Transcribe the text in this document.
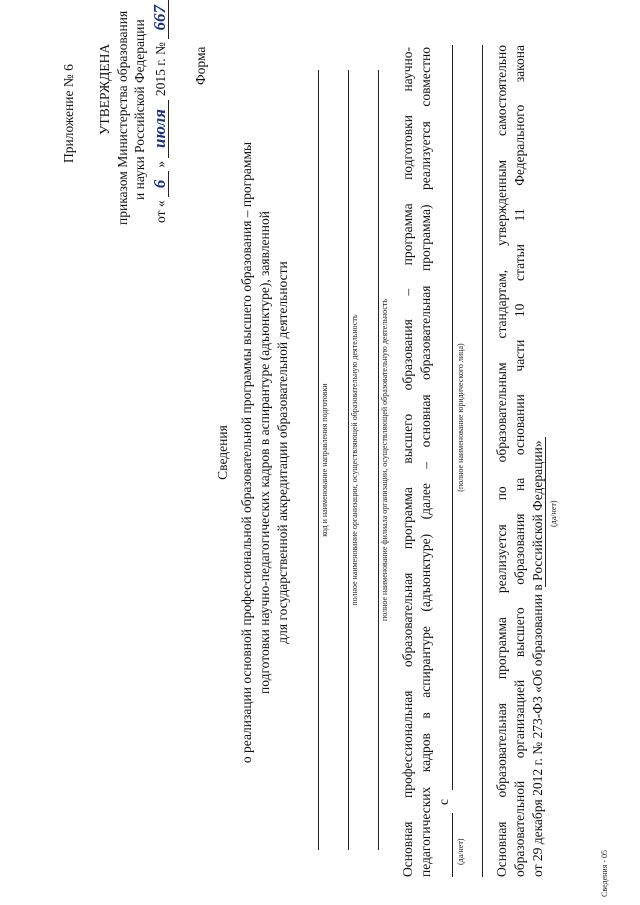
Приложение № 6 УТВЕРЖДЕНА приказом Министерства образования и науки Российской Федерации
от « 6 » июля 2015 г. № 667
Форма
Сведения о реализации основной профессиональной образовательной программы высшего образования – программы подготовки научно-педагогических кадров в аспирантуре (адъюнктуре), заявленной для государственной аккредитации образовательной деятельности	код и наименование направления подготовки	полное наименование организации, осуществляющей образовательную деятельность	полное наименование филиала организации, осуществляющей образовательную деятельность Основная профессиональная образовательная программа высшего образования – программа подготовки научно- педагогических кадров в аспирантуре (адъюнктуре) (далее – основная образовательная программа) реализуется совместно	(да/нет)
с
(полное наименование юридического лица) Основная образовательная программа реализуется по образовательным стандартам, утвержденным самостоятельно образовательной организацией высшего образования на основании части 10 статьи 11 Федерального закона от 29 декабря 2012 г. № 273-Ф3 «Об образовании в Российской Федерации» (да/нет)
Сведения - 05
